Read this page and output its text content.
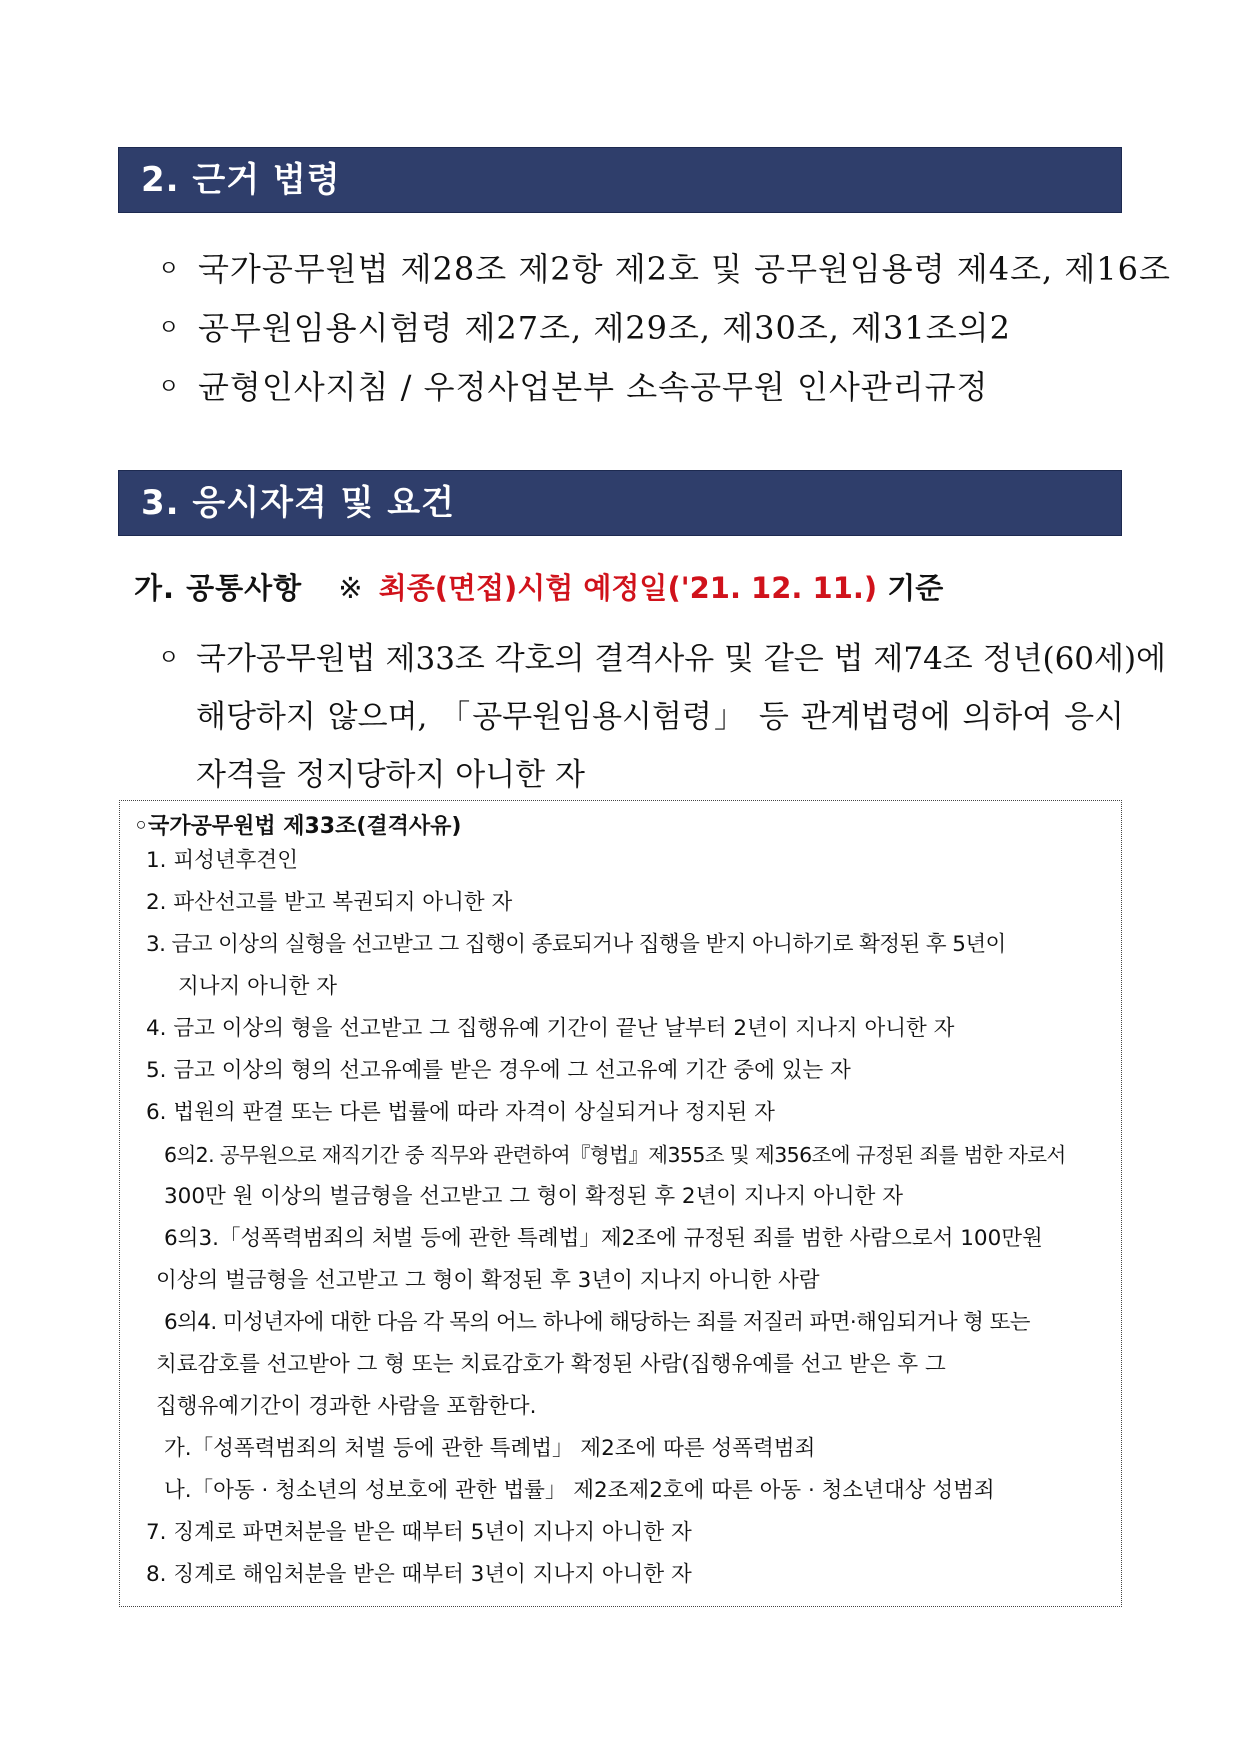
2. 근거 법령
ㅇ 국가공무원법 제28조 제2항 제2호 및 공무원임용령 제4조, 제16조
ㅇ 공무원임용시험령 제27조, 제29조, 제30조, 제31조의2
ㅇ 균형인사지침 / 우정사업본부 소속공무원 인사관리규정
3. 응시자격 및 요건
가. 공통사항 ※ 최종(면접)시험 예정일('21. 12. 11.) 기준
ㅇ 국가공무원법 제33조 각호의 결격사유 및 같은 법 제74조 정년(60세)에
해당하지 않으며, 「공무원임용시험령」 등 관계법령에 의하여 응시
자격을 정지당하지 아니한 자
◦국가공무원법 제33조(결격사유)
1. 피성년후견인
2. 파산선고를 받고 복권되지 아니한 자
3. 금고 이상의 실형을 선고받고 그 집행이 종료되거나 집행을 받지 아니하기로 확정된 후 5년이
지나지 아니한 자
4. 금고 이상의 형을 선고받고 그 집행유예 기간이 끝난 날부터 2년이 지나지 아니한 자
5. 금고 이상의 형의 선고유예를 받은 경우에 그 선고유예 기간 중에 있는 자
6. 법원의 판결 또는 다른 법률에 따라 자격이 상실되거나 정지된 자
6의2. 공무원으로 재직기간 중 직무와 관련하여『형법』제355조 및 제356조에 규정된 죄를 범한 자로서
300만 원 이상의 벌금형을 선고받고 그 형이 확정된 후 2년이 지나지 아니한 자
6의3.「성폭력범죄의 처벌 등에 관한 특례법」제2조에 규정된 죄를 범한 사람으로서 100만원
이상의 벌금형을 선고받고 그 형이 확정된 후 3년이 지나지 아니한 사람
6의4. 미성년자에 대한 다음 각 목의 어느 하나에 해당하는 죄를 저질러 파면·해임되거나 형 또는
치료감호를 선고받아 그 형 또는 치료감호가 확정된 사람(집행유예를 선고 받은 후 그
집행유예기간이 경과한 사람을 포함한다.
가.「성폭력범죄의 처벌 등에 관한 특례법」 제2조에 따른 성폭력범죄
나.「아동 · 청소년의 성보호에 관한 법률」 제2조제2호에 따른 아동 · 청소년대상 성범죄
7. 징계로 파면처분을 받은 때부터 5년이 지나지 아니한 자
8. 징계로 해임처분을 받은 때부터 3년이 지나지 아니한 자
